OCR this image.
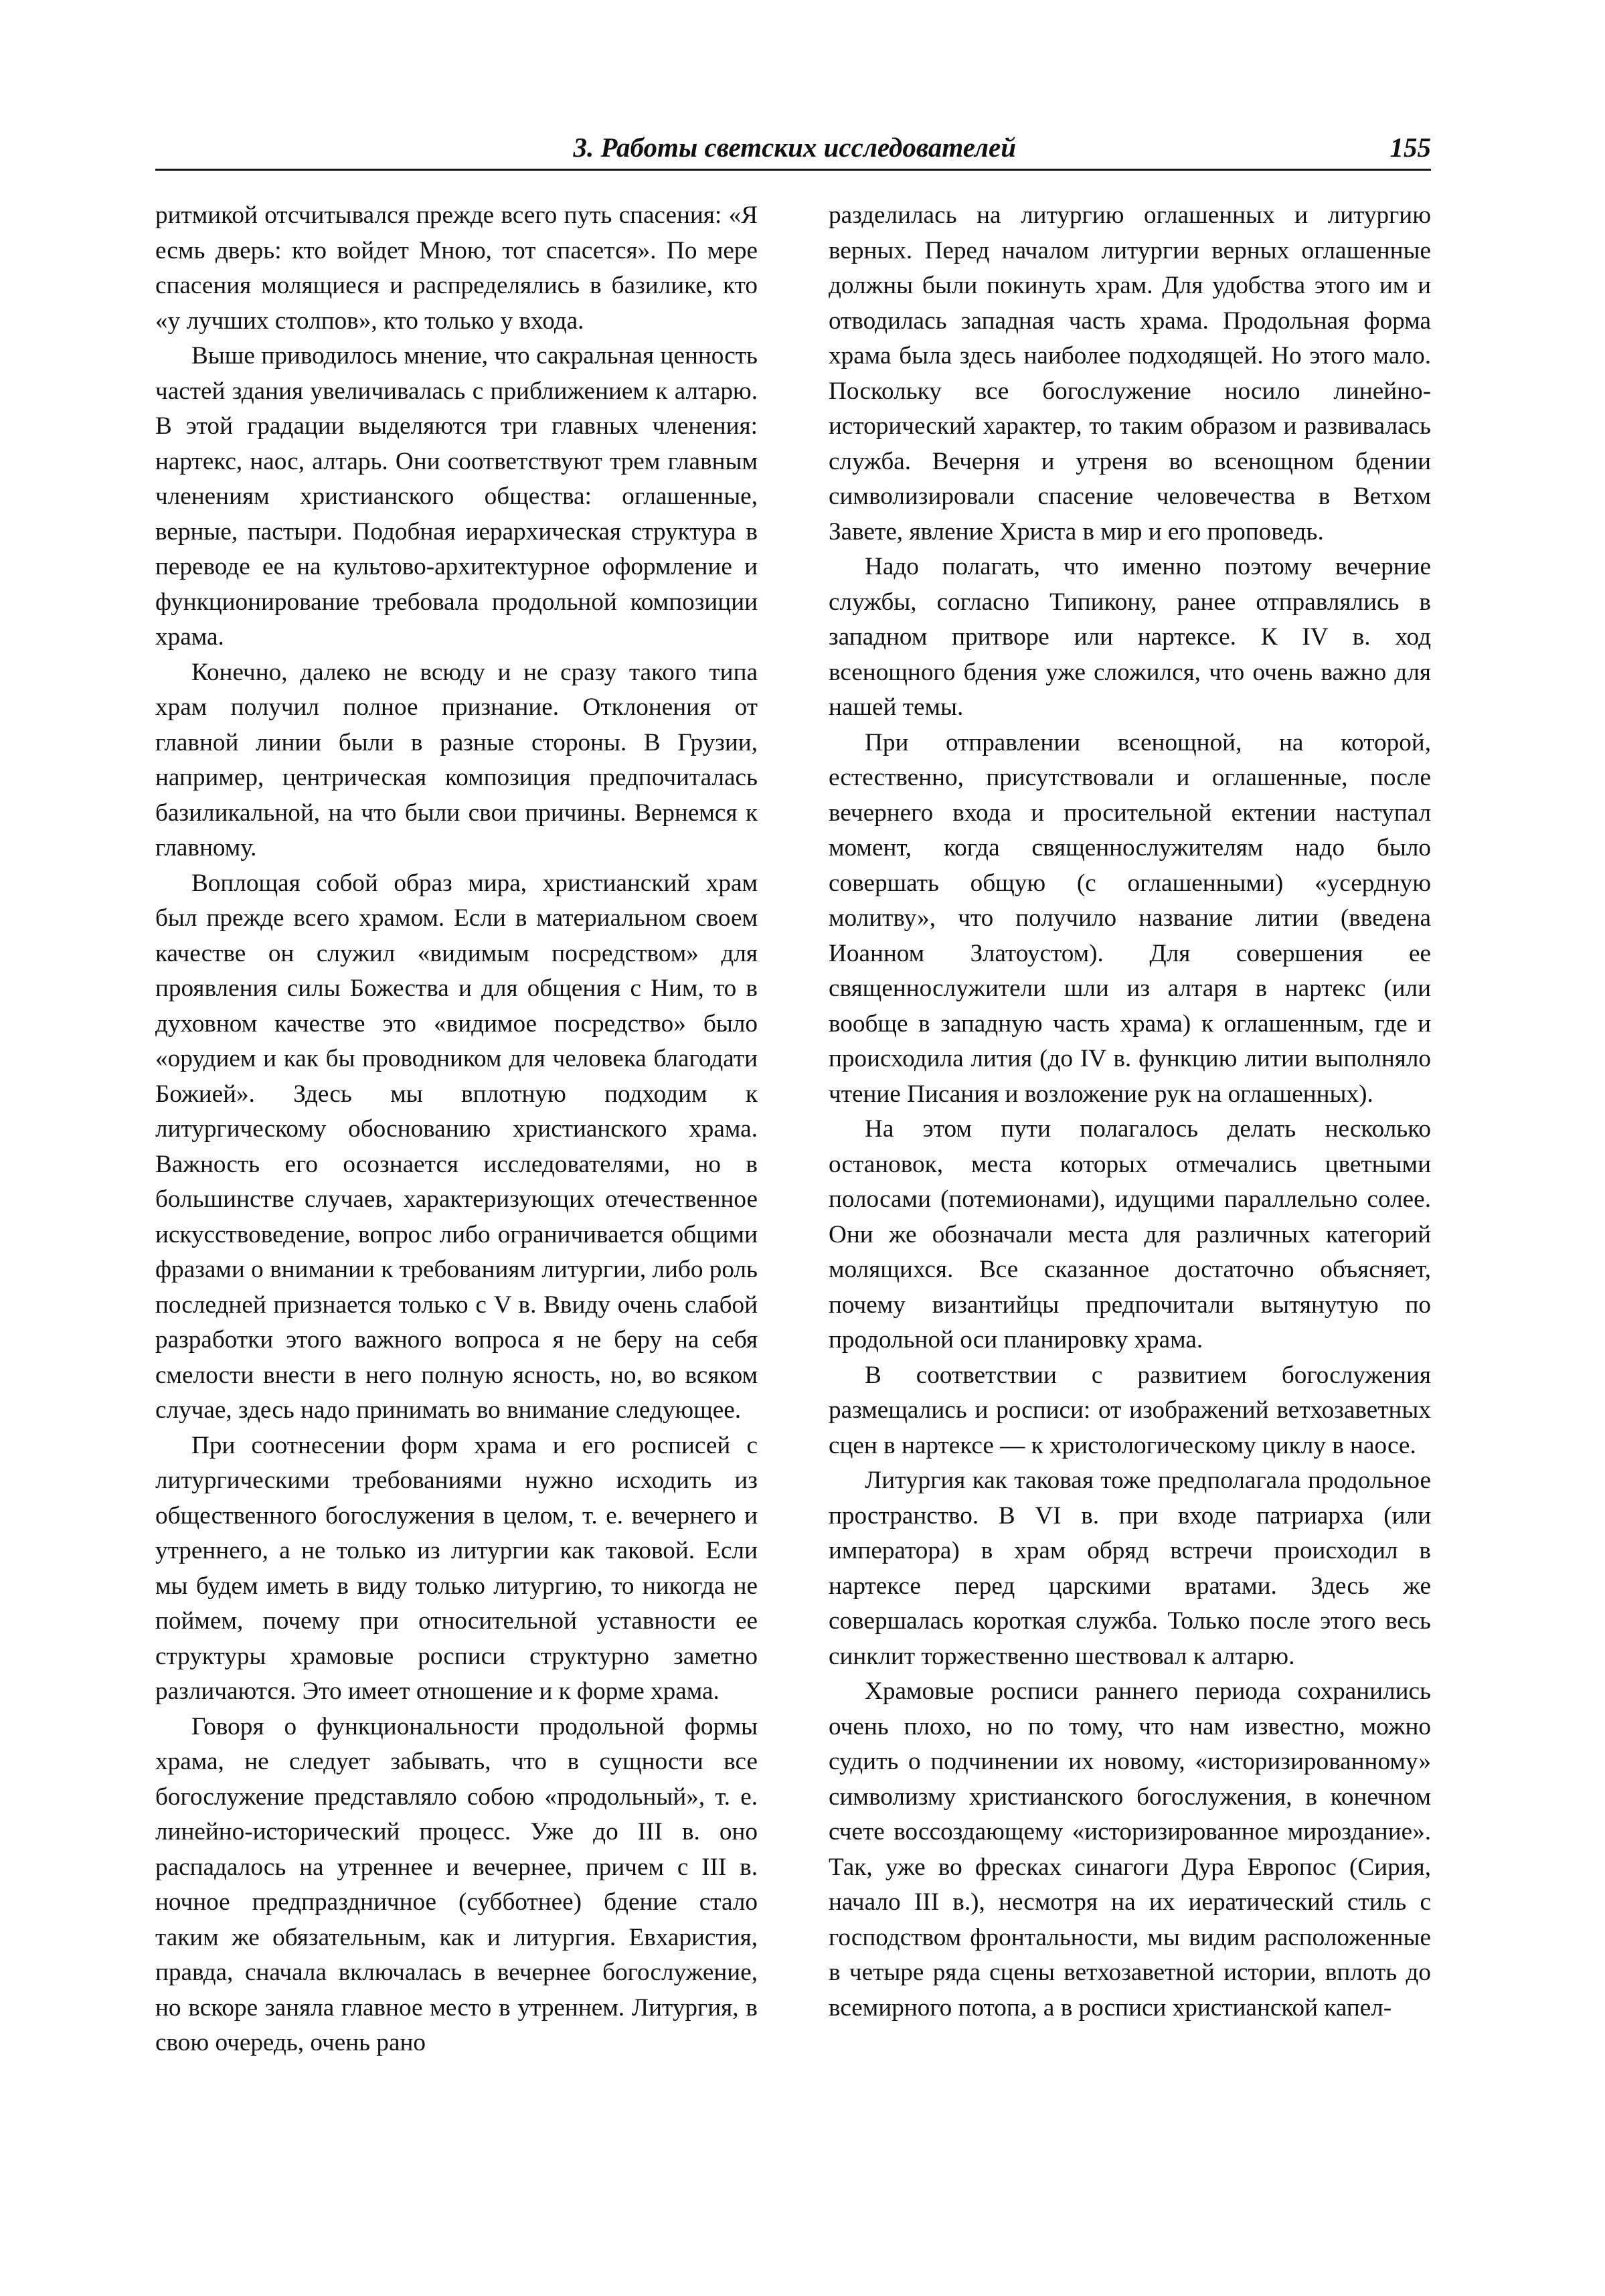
3. Работы светских исследователей	155

ритмикой отсчитывался прежде всего путь спасения: «Я есмь дверь: кто войдет Мною, тот спасется». По мере спасения молящиеся и распределялись в базилике, кто «у лучших столпов», кто только у входа.

Выше приводилось мнение, что сакральная ценность частей здания увеличивалась с приближением к алтарю. В этой градации выделяются три главных членения: нартекс, наос, алтарь. Они соответствуют трем главным членениям христианского общества: оглашенные, верные, пастыри. Подобная иерархическая структура в переводе ее на культово-архитектурное оформление и функционирование требовала продольной композиции храма.

Конечно, далеко не всюду и не сразу такого типа храм получил полное признание. Отклонения от главной линии были в разные стороны. В Грузии, например, центрическая композиция предпочиталась базиликальной, на что были свои причины. Вернемся к главному.

Воплощая собой образ мира, христианский храм был прежде всего храмом. Если в материальном своем качестве он служил «видимым посредством» для проявления силы Божества и для общения с Ним, то в духовном качестве это «видимое посредство» было «орудием и как бы проводником для человека благодати Божией». Здесь мы вплотную подходим к литургическому обоснованию христианского храма. Важность его осознается исследователями, но в большинстве случаев, характеризующих отечественное искусствоведение, вопрос либо ограничивается общими фразами о внимании к требованиям литургии, либо роль последней признается только с V в. Ввиду очень слабой разработки этого важного вопроса я не беру на себя смелости внести в него полную ясность, но, во всяком случае, здесь надо принимать во внимание следующее.

При соотнесении форм храма и его росписей с литургическими требованиями нужно исходить из общественного богослужения в целом, т. е. вечернего и утреннего, а не только из литургии как таковой. Если мы будем иметь в виду только литургию, то никогда не поймем, почему при относительной уставности ее структуры храмовые росписи структурно заметно различаются. Это имеет отношение и к форме храма.

Говоря о функциональности продольной формы храма, не следует забывать, что в сущности все богослужение представляло собою «продольный», т. е. линейно-исторический процесс. Уже до III в. оно распадалось на утреннее и вечернее, причем с III в. ночное предпраздничное (субботнее) бдение стало таким же обязательным, как и литургия. Евхаристия, правда, сначала включалась в вечернее богослужение, но вскоре заняла главное место в утреннем. Литургия, в свою очередь, очень рано

разделилась на литургию оглашенных и литургию верных. Перед началом литургии верных оглашенные должны были покинуть храм. Для удобства этого им и отводилась западная часть храма. Продольная форма храма была здесь наиболее подходящей. Но этого мало. Поскольку все богослужение носило линейно-исторический характер, то таким образом и развивалась служба. Вечерня и утреня во всенощном бдении символизировали спасение человечества в Ветхом Завете, явление Христа в мир и его проповедь.

Надо полагать, что именно поэтому вечерние службы, согласно Типикону, ранее отправлялись в западном притворе или нартексе. К IV в. ход всенощного бдения уже сложился, что очень важно для нашей темы.

При отправлении всенощной, на которой, естественно, присутствовали и оглашенные, после вечернего входа и просительной ектении наступал момент, когда священнослужителям надо было совершать общую (с оглашенными) «усердную молитву», что получило название литии (введена Иоанном Златоустом). Для совершения ее священнослужители шли из алтаря в нартекс (или вообще в западную часть храма) к оглашенным, где и происходила лития (до IV в. функцию литии выполняло чтение Писания и возложение рук на оглашенных).

На этом пути полагалось делать несколько остановок, места которых отмечались цветными полосами (потемионами), идущими параллельно солее. Они же обозначали места для различных категорий молящихся. Все сказанное достаточно объясняет, почему византийцы предпочитали вытянутую по продольной оси планировку храма.

В соответствии с развитием богослужения размещались и росписи: от изображений ветхозаветных сцен в нартексе — к христологическому циклу в наосе.

Литургия как таковая тоже предполагала продольное пространство. В VI в. при входе патриарха (или императора) в храм обряд встречи происходил в нартексе перед царскими вратами. Здесь же совершалась короткая служба. Только после этого весь синклит торжественно шествовал к алтарю.

Храмовые росписи раннего периода сохранились очень плохо, но по тому, что нам известно, можно судить о подчинении их новому, «историзированному» символизму христианского богослужения, в конечном счете воссоздающему «историзированное мироздание». Так, уже во фресках синагоги Дура Европос (Сирия, начало III в.), несмотря на их иератический стиль с господством фронтальности, мы видим расположенные в четыре ряда сцены ветхозаветной истории, вплоть до всемирного потопа, а в росписи христианской капел-
